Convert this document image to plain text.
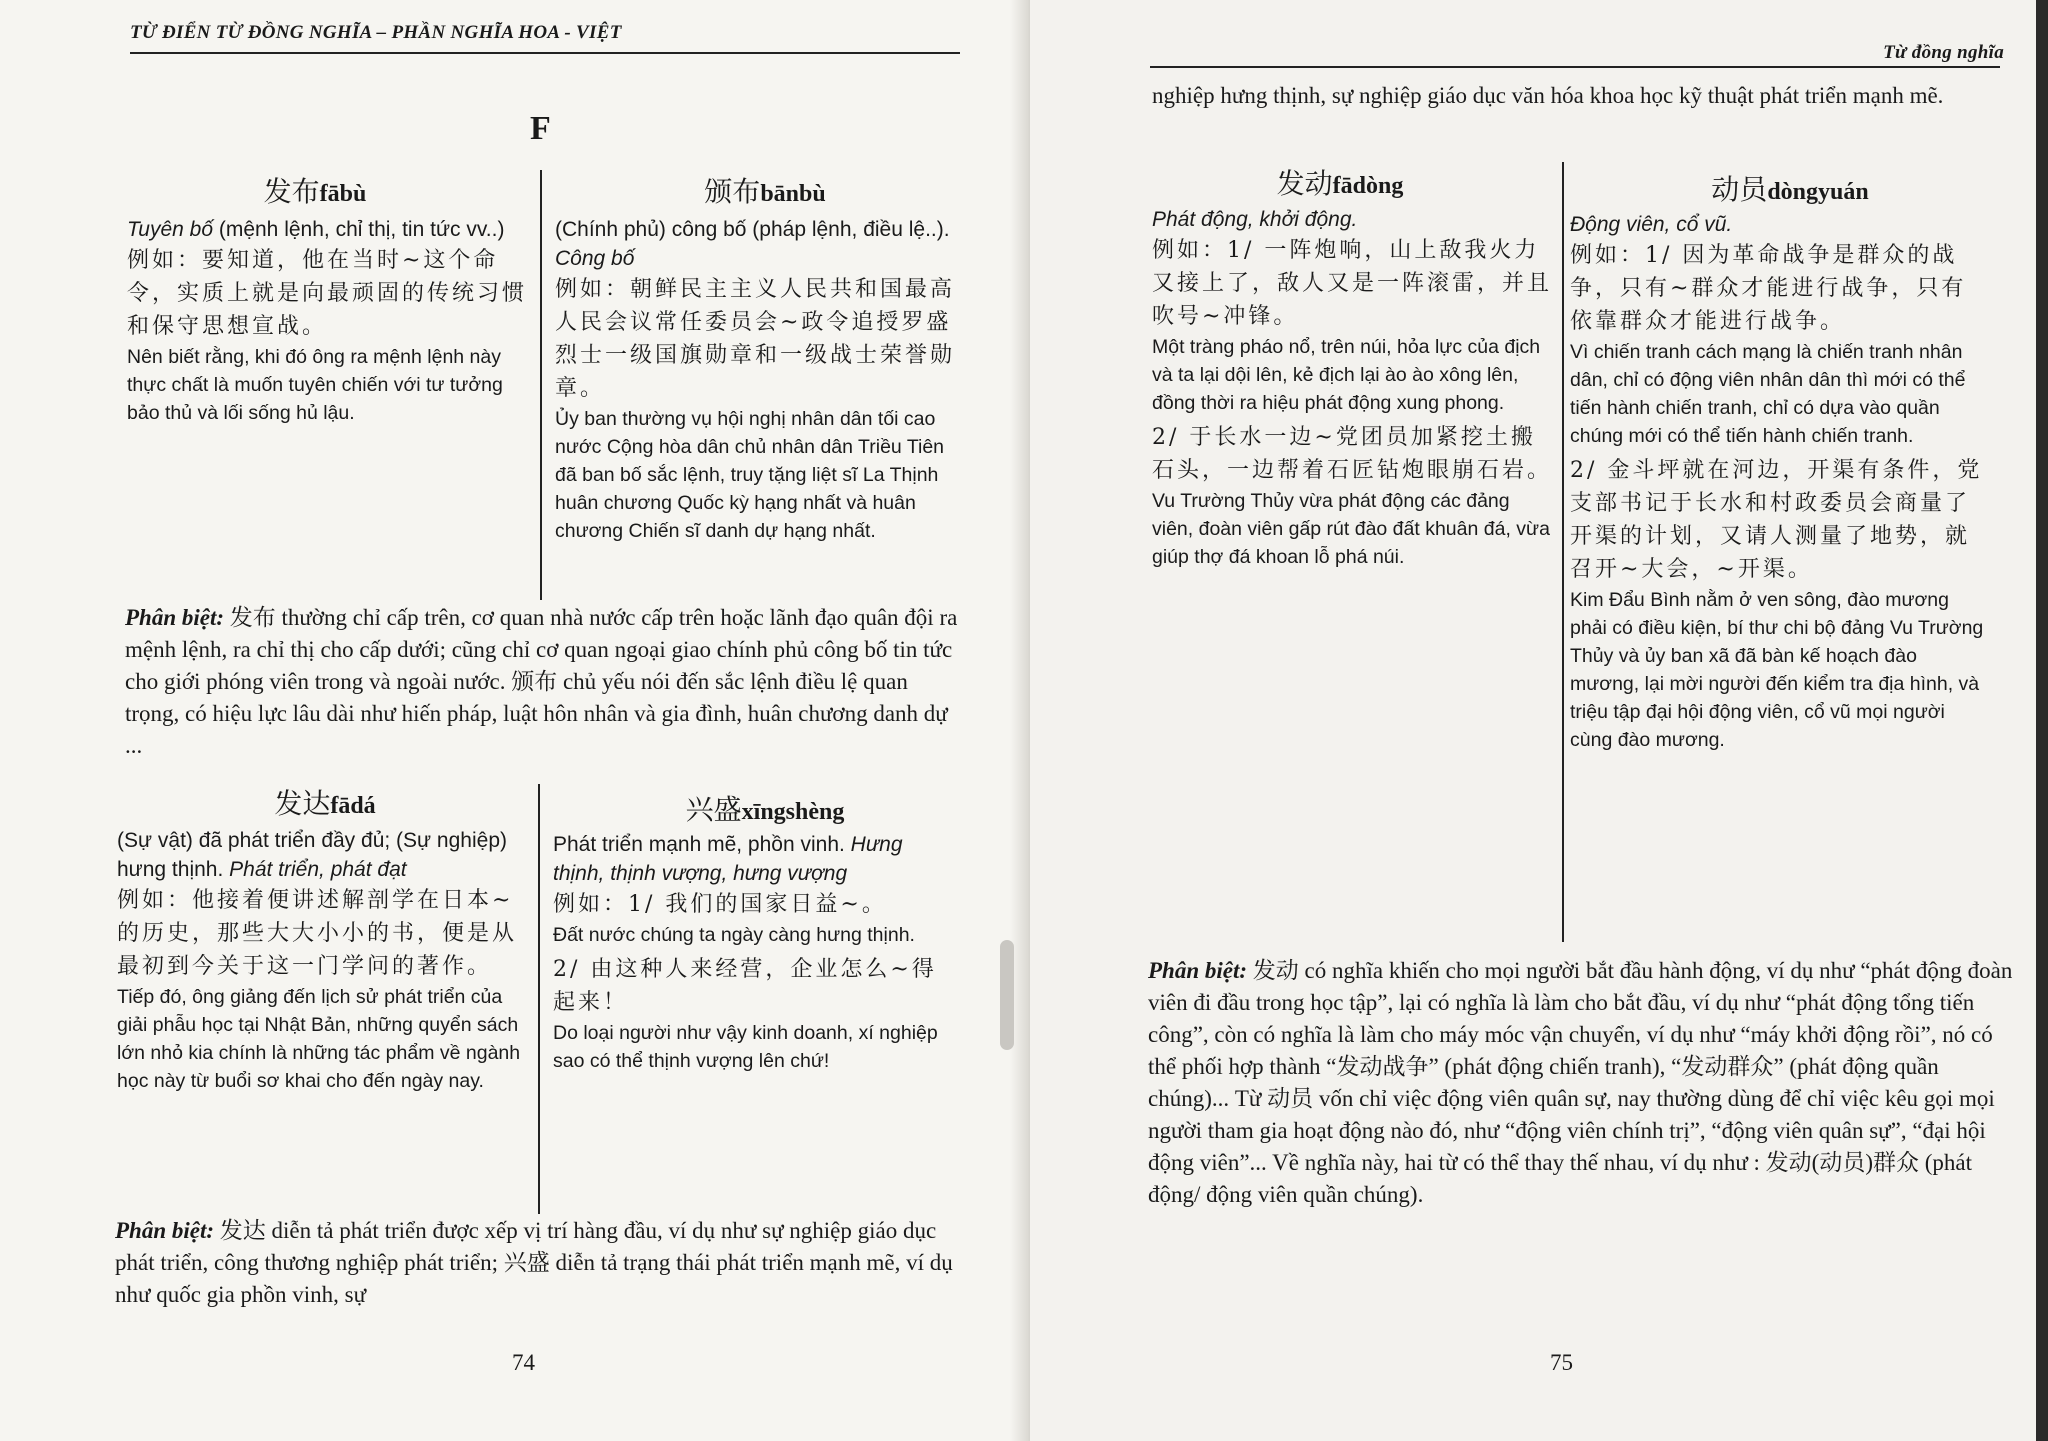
TỪ ĐIỂN TỪ ĐỒNG NGHĨA – PHẦN NGHĨA HOA - VIỆT
F
发布fābù

Tuyên bố (mệnh lệnh, chỉ thị, tin tức vv..)

例如：要知道，他在当时~这个命令，实质上就是向最顽固的传统习惯和保守思想宣战。

Nên biết rằng, khi đó ông ra mệnh lệnh này thực chất là muốn tuyên chiến với tư tưởng bảo thủ và lối sống hủ lậu.

颁布bānbù

(Chính phủ) công bố (pháp lệnh, điều lệ..). Công bố

例如：朝鲜民主主义人民共和国最高人民会议常任委员会~政令追授罗盛烈士一级国旗勋章和一级战士荣誉勋章。

Ủy ban thường vụ hội nghị nhân dân tối cao nước Cộng hòa dân chủ nhân dân Triều Tiên đã ban bố sắc lệnh, truy tặng liệt sĩ La Thịnh huân chương Quốc kỳ hạng nhất và huân chương Chiến sĩ danh dự hạng nhất.

Phân biệt: 发布 thường chỉ cấp trên, cơ quan nhà nước cấp trên hoặc lãnh đạo quân đội ra mệnh lệnh, ra chỉ thị cho cấp dưới; cũng chỉ cơ quan ngoại giao chính phủ công bố tin tức cho giới phóng viên trong và ngoài nước. 颁布 chủ yếu nói đến sắc lệnh điều lệ quan trọng, có hiệu lực lâu dài như hiến pháp, luật hôn nhân và gia đình, huân chương danh dự ...
发达fādá

(Sự vật) đã phát triển đầy đủ; (Sự nghiệp) hưng thịnh. Phát triển, phát đạt

例如：他接着便讲述解剖学在日本~的历史，那些大大小小的书，便是从最初到今关于这一门学问的著作。

Tiếp đó, ông giảng đến lịch sử phát triển của giải phẫu học tại Nhật Bản, những quyển sách lớn nhỏ kia chính là những tác phẩm về ngành học này từ buổi sơ khai cho đến ngày nay.

兴盛xīngshèng

Phát triển mạnh mẽ, phồn vinh. Hưng thịnh, thịnh vượng, hưng vượng

例如：1/ 我们的国家日益~。

Đất nước chúng ta ngày càng hưng thịnh.

2/ 由这种人来经营，企业怎么~得起来！

Do loại người như vậy kinh doanh, xí nghiệp sao có thể thịnh vượng lên chứ!

Phân biệt: 发达 diễn tả phát triển được xếp vị trí hàng đầu, ví dụ như sự nghiệp giáo dục phát triển, công thương nghiệp phát triển; 兴盛 diễn tả trạng thái phát triển mạnh mẽ, ví dụ như quốc gia phồn vinh, sự
74
Từ đồng nghĩa
nghiệp hưng thịnh, sự nghiệp giáo dục văn hóa khoa học kỹ thuật phát triển mạnh mẽ.
发动fādòng

Phát động, khởi động.

例如：1/ 一阵炮响，山上敌我火力又接上了，敌人又是一阵滚雷，并且吹号~冲锋。

Một tràng pháo nổ, trên núi, hỏa lực của địch và ta lại dội lên, kẻ địch lại ào ào xông lên, đồng thời ra hiệu phát động xung phong.

2/ 于长水一边~党团员加紧挖土搬石头，一边帮着石匠钻炮眼崩石岩。

Vu Trường Thủy vừa phát động các đảng viên, đoàn viên gấp rút đào đất khuân đá, vừa giúp thợ đá khoan lỗ phá núi.

动员dòngyuán

Động viên, cổ vũ.

例如：1/ 因为革命战争是群众的战争，只有~群众才能进行战争，只有依靠群众才能进行战争。

Vì chiến tranh cách mạng là chiến tranh nhân dân, chỉ có động viên nhân dân thì mới có thể tiến hành chiến tranh, chỉ có dựa vào quần chúng mới có thể tiến hành chiến tranh.

2/ 金斗坪就在河边，开渠有条件，党支部书记于长水和村政委员会商量了开渠的计划，又请人测量了地势，就召开~大会，~开渠。

Kim Đẩu Bình nằm ở ven sông, đào mương phải có điều kiện, bí thư chi bộ đảng Vu Trường Thủy và ủy ban xã đã bàn kế hoạch đào mương, lại mời người đến kiểm tra địa hình, và triệu tập đại hội động viên, cổ vũ mọi người cùng đào mương.

Phân biệt: 发动 có nghĩa khiến cho mọi người bắt đầu hành động, ví dụ như “phát động đoàn viên đi đầu trong học tập”, lại có nghĩa là làm cho bắt đầu, ví dụ như “phát động tổng tiến công”, còn có nghĩa là làm cho máy móc vận chuyển, ví dụ như “máy khởi động rồi”, nó có thể phối hợp thành “发动战争” (phát động chiến tranh), “发动群众” (phát động quần chúng)... Từ 动员 vốn chỉ việc động viên quân sự, nay thường dùng để chỉ việc kêu gọi mọi người tham gia hoạt động nào đó, như “động viên chính trị”, “động viên quân sự”, “đại hội động viên”... Về nghĩa này, hai từ có thể thay thế nhau, ví dụ như : 发动(动员)群众 (phát động/ động viên quần chúng).
75
